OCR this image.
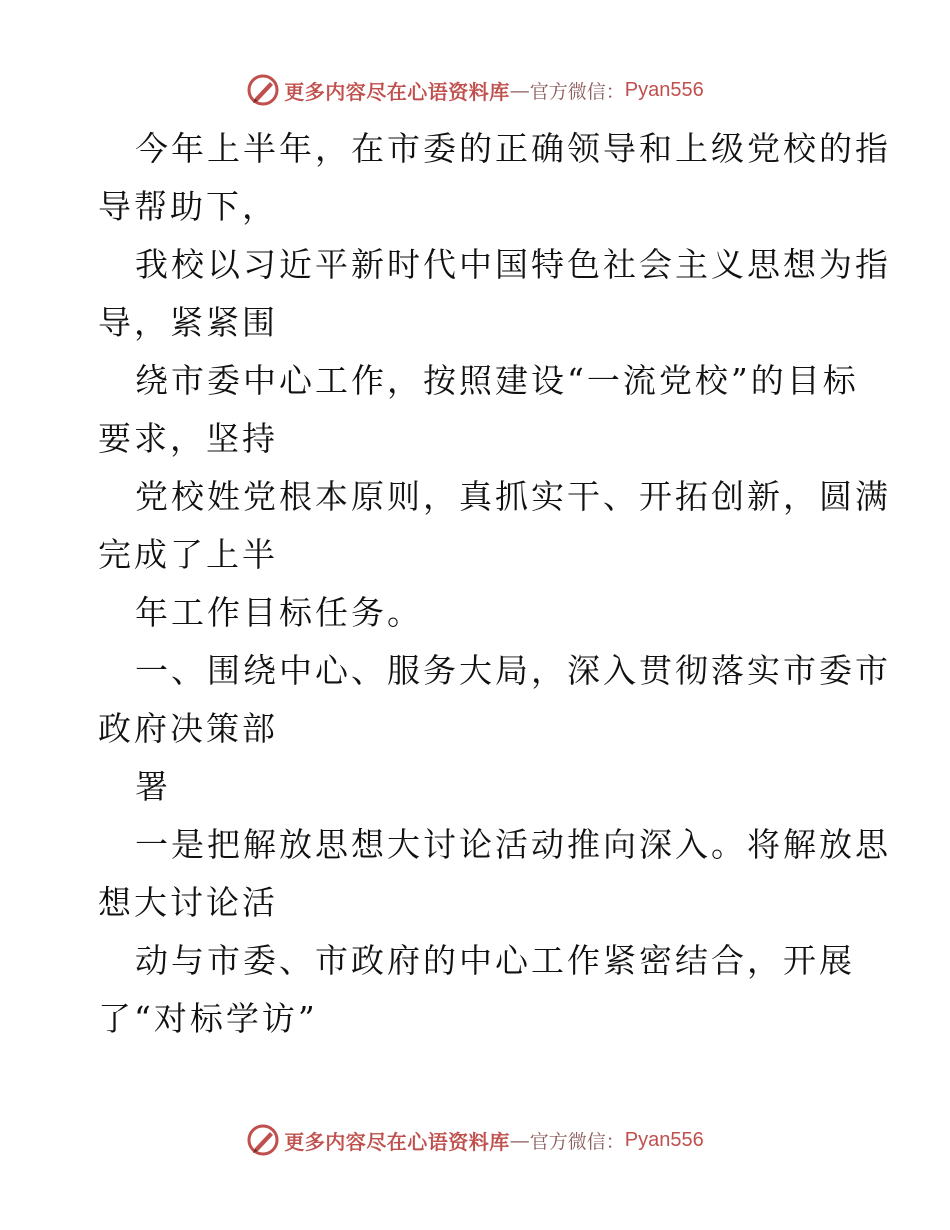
更多内容尽在心语资料库 — 官方微信： Pyan556
今年上半年，在市委的正确领导和上级党校的指
导帮助下，
我校以习近平新时代中国特色社会主义思想为指
导，紧紧围
绕市委中心工作，按照建设“一流党校”的目标
要求，坚持
党校姓党根本原则，真抓实干、开拓创新，圆满
完成了上半
年工作目标任务。
一、围绕中心、服务大局，深入贯彻落实市委市
政府决策部
署
一是把解放思想大讨论活动推向深入。将解放思
想大讨论活
动与市委、市政府的中心工作紧密结合，开展
了“对标学访”
更多内容尽在心语资料库 — 官方微信： Pyan556
